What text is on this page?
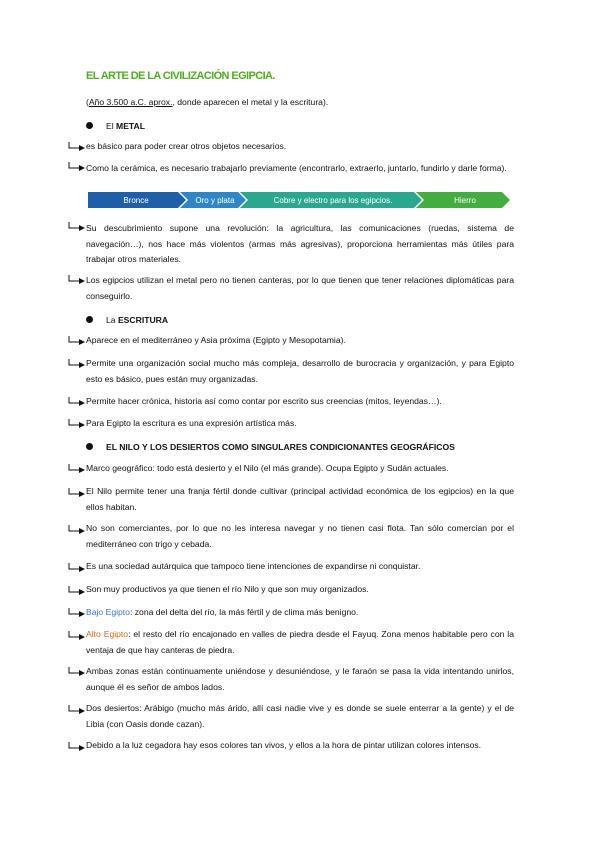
EL ARTE DE LA CIVILIZACIÓN EGIPCIA.
(Año 3.500 a.C. aprox., donde aparecen el metal y la escritura).
El METAL
es básico para poder crear otros objetos necesarios.
Como la cerámica, es necesario trabajarlo previamente (encontrarlo, extraerlo, juntarlo, fundirlo y darle forma).
Bronce	Oro y plata	Cobre y electro para los egipcios.	Hierro
Su descubrimiento supone una revolución: la agricultura, las comunicaciones (ruedas, sistema de navegación…), nos hace más violentos (armas más agresivas), proporciona herramientas más útiles para trabajar otros materiales.
Los egipcios utilizan el metal pero no tienen canteras, por lo que tienen que tener relaciones diplomáticas para conseguirlo.
La ESCRITURA
Aparece en el mediterráneo y Asia próxima (Egipto y Mesopotamia).
Permite una organización social mucho más compleja, desarrollo de burocracia y organización, y para Egipto esto es básico, pues están muy organizadas.
Permite hacer crónica, historia así como contar por escrito sus creencias (mitos, leyendas…).
Para Egipto la escritura es una expresión artística más.
EL NILO Y LOS DESIERTOS COMO SINGULARES CONDICIONANTES GEOGRÁFICOS
Marco geográfico: todo está desierto y el Nilo (el más grande). Ocupa Egipto y Sudán actuales.
El Nilo permite tener una franja fértil donde cultivar (principal actividad económica de los egipcios) en la que ellos habitan.
No son comerciantes, por lo que no les interesa navegar y no tienen casi flota. Tan sólo comercian por el mediterráneo con trigo y cebada.
Es una sociedad autárquica que tampoco tiene intenciones de expandirse ni conquistar.
Son muy productivos ya que tienen el río Nilo y que son muy organizados.
Bajo Egipto: zona del delta del río, la más fértil y de clima más benigno.
Alto Egipto: el resto del río encajonado en valles de piedra desde el Fayuq. Zona menos habitable pero con la ventaja de que hay canteras de piedra.
Ambas zonas están continuamente uniéndose y desuniéndose, y le faraón se pasa la vida intentando unirlos, aunque él es señor de ambos lados.
Dos desiertos: Arábigo (mucho más árido, allí casi nadie vive y es donde se suele enterrar a la gente) y el de Libia (con Oasis donde cazan).
Debido a la luz cegadora hay esos colores tan vivos, y ellos a la hora de pintar utilizan colores intensos.
